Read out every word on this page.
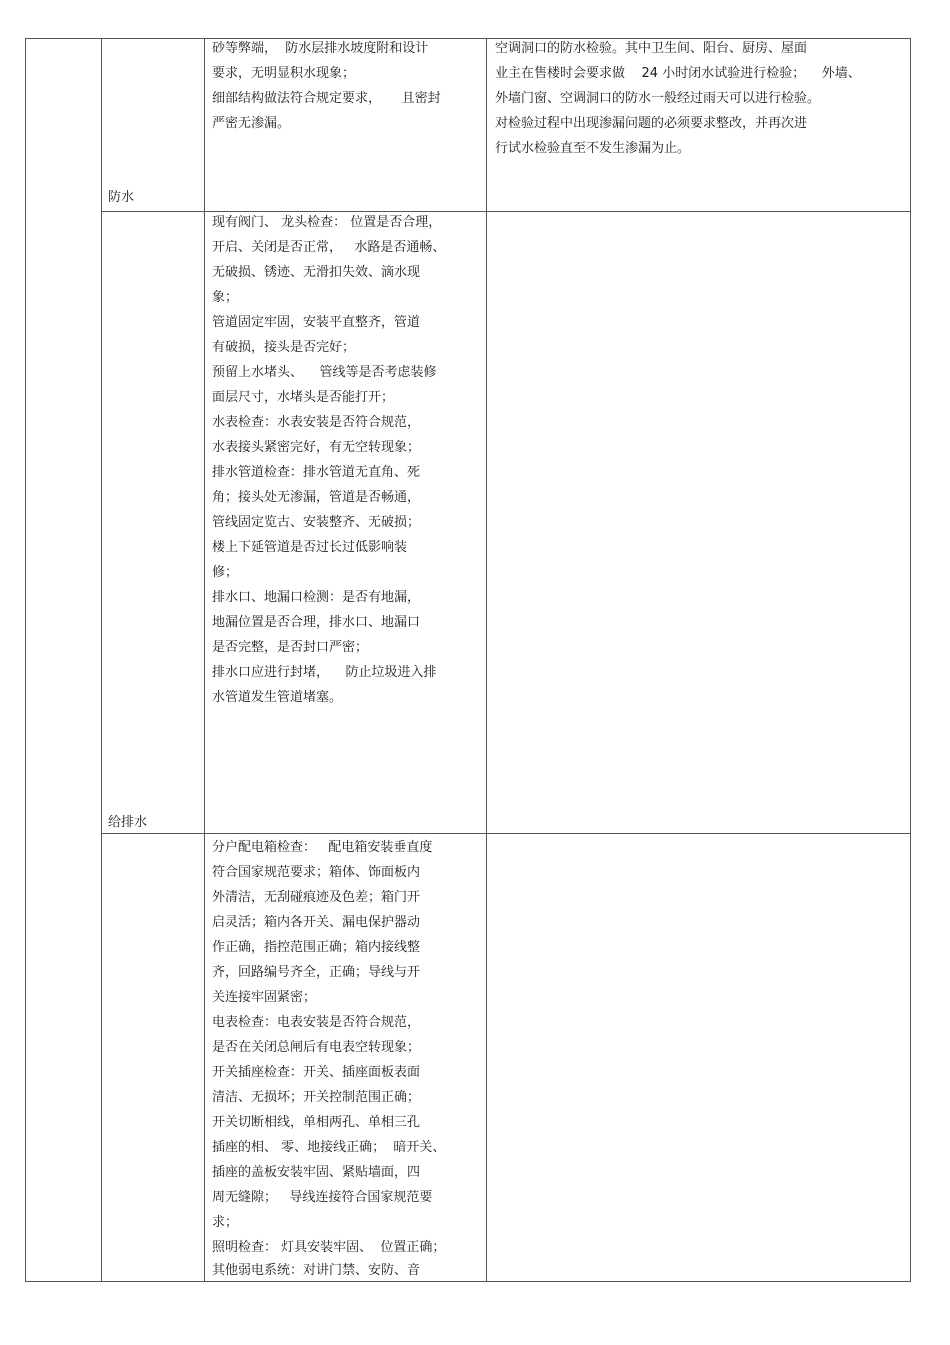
防水
砂等弊端，  防水层排水坡度附和设计
要求，无明显积水现象；
细部结构做法符合规定要求，     且密封
严密无渗漏。
空调洞口的防水检验。其中卫生间、阳台、厨房、屋面
业主在售楼时会要求做    24 小时闭水试验进行检验；    外墙、
外墙门窗、空调洞口的防水一般经过雨天可以进行检验。
对检验过程中出现渗漏问题的必须要求整改，并再次进
行试水检验直至不发生渗漏为止。
给排水
现有阀门、 龙头检查： 位置是否合理，
开启、关闭是否正常，   水路是否通畅、
无破损、锈迹、无滑扣失效、滴水现
象；
管道固定牢固，安装平直整齐，管道
有破损，接头是否完好；
预留上水堵头、    管线等是否考虑装修
面层尺寸，水堵头是否能打开；
水表检查：水表安装是否符合规范，
水表接头紧密完好，有无空转现象；
排水管道检查：排水管道无直角、死
角；接头处无渗漏，管道是否畅通，
管线固定览古、安装整齐、无破损；
楼上下延管道是否过长过低影响装
修；
排水口、地漏口检测：是否有地漏，
地漏位置是否合理，排水口、地漏口
是否完整，是否封口严密；
排水口应进行封堵，    防止垃圾进入排
水管道发生管道堵塞。
分户配电箱检查：   配电箱安装垂直度
符合国家规范要求；箱体、饰面板内
外清洁，无刮碰痕迹及色差；箱门开
启灵活；箱内各开关、漏电保护器动
作正确，指控范围正确；箱内接线整
齐，回路编号齐全，正确；导线与开
关连接牢固紧密；
电表检查：电表安装是否符合规范，
是否在关闭总闸后有电表空转现象；
开关插座检查：开关、插座面板表面
清洁、无损坏；开关控制范围正确；
开关切断相线，单相两孔、单相三孔
插座的相、 零、地接线正确；  暗开关、
插座的盖板安装牢固、紧贴墙面，四
周无缝隙；   导线连接符合国家规范要
求；
照明检查： 灯具安装牢固、  位置正确；
其他弱电系统：对讲门禁、安防、音
